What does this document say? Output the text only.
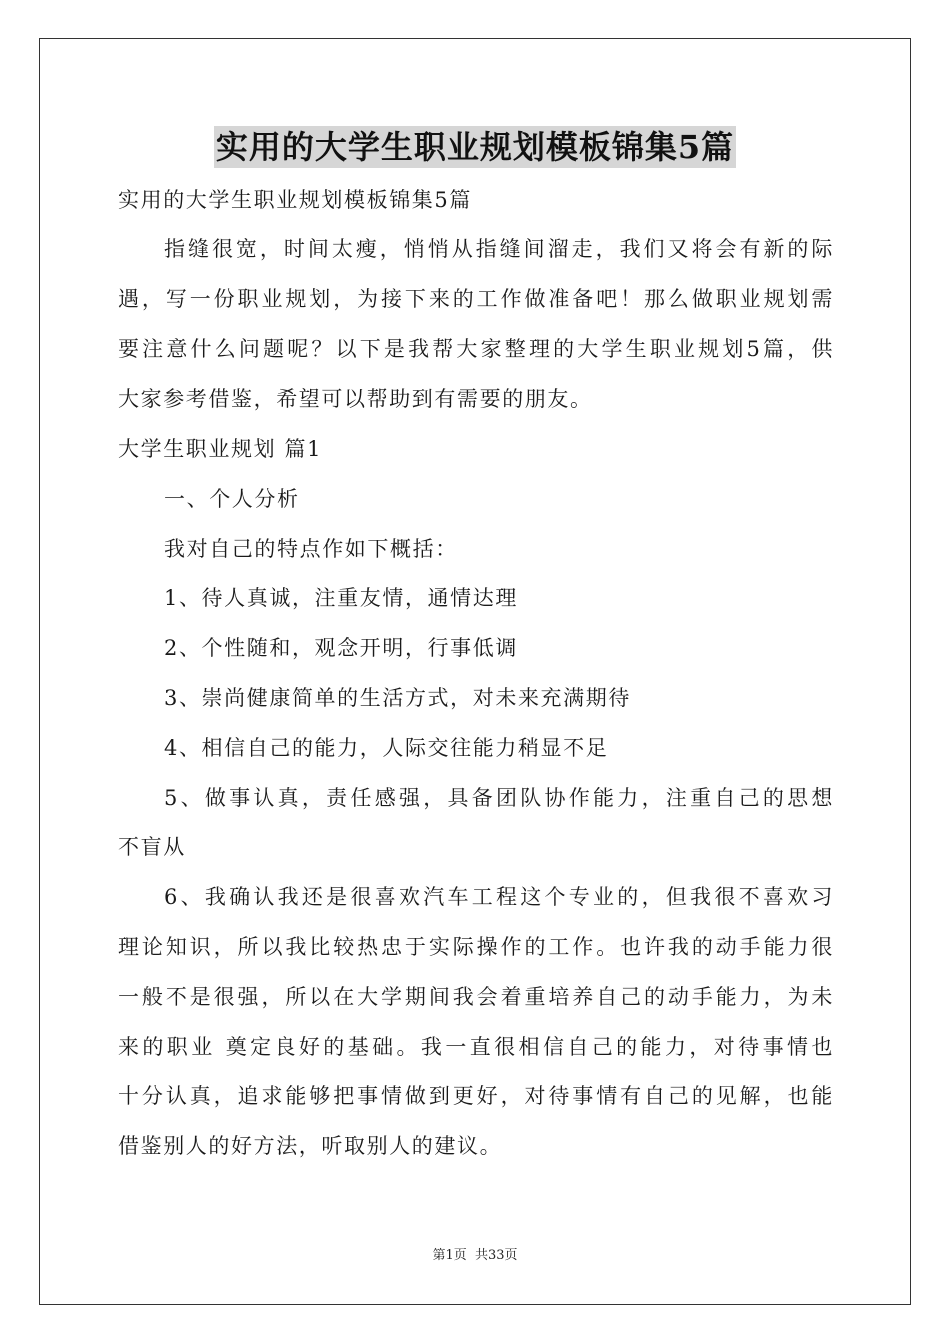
实用的大学生职业规划模板锦集5篇
实用的大学生职业规划模板锦集5篇
指缝很宽，时间太瘦，悄悄从指缝间溜走，我们又将会有新的际
遇，写一份职业规划，为接下来的工作做准备吧！那么做职业规划需
要注意什么问题呢？以下是我帮大家整理的大学生职业规划5篇，供
大家参考借鉴，希望可以帮助到有需要的朋友。
大学生职业规划 篇1
一、个人分析
我对自己的特点作如下概括：
1、待人真诚，注重友情，通情达理
2、个性随和，观念开明，行事低调
3、崇尚健康简单的生活方式，对未来充满期待
4、相信自己的能力，人际交往能力稍显不足
5、做事认真，责任感强，具备团队协作能力，注重自己的思想
不盲从
6、我确认我还是很喜欢汽车工程这个专业的，但我很不喜欢习
理论知识，所以我比较热忠于实际操作的工作。也许我的动手能力很
一般不是很强，所以在大学期间我会着重培养自己的动手能力，为未
来的职业 奠定良好的基础。我一直很相信自己的能力，对待事情也
十分认真，追求能够把事情做到更好，对待事情有自己的见解，也能
借鉴别人的好方法，听取别人的建议。
第1页 共33页
